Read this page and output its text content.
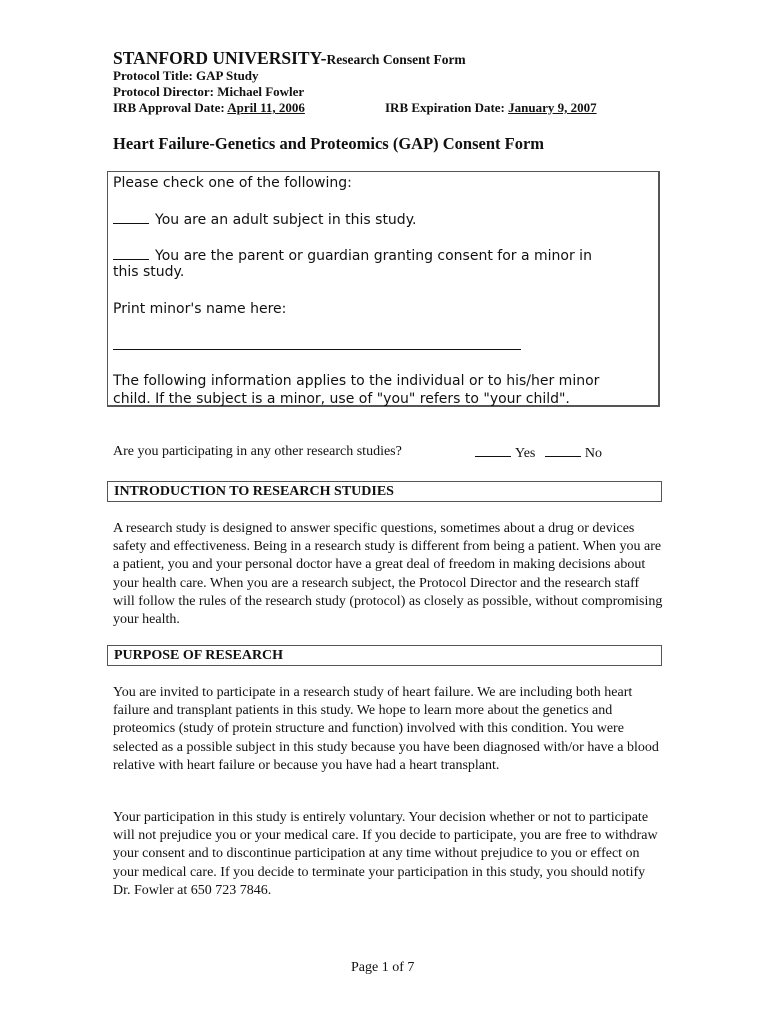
STANFORD UNIVERSITY-Research Consent Form
Protocol Title: GAP Study
Protocol Director: Michael Fowler
IRB Approval Date: April 11, 2006	IRB Expiration Date: January 9, 2007
Heart Failure-Genetics and Proteomics (GAP) Consent Form
Please check one of the following:
You are an adult subject in this study.
You are the parent or guardian granting consent for a minor in
this study.
Print minor's name here:
The following information applies to the individual or to his/her minor
child. If the subject is a minor, use of "you" refers to "your child".
Are you participating in any other research studies?	Yes	No
INTRODUCTION TO RESEARCH STUDIES
A research study is designed to answer specific questions, sometimes about a drug or devices safety and effectiveness. Being in a research study is different from being a patient. When you are a patient, you and your personal doctor have a great deal of freedom in making decisions about your health care. When you are a research subject, the Protocol Director and the research staff will follow the rules of the research study (protocol) as closely as possible, without compromising your health.
PURPOSE OF RESEARCH
You are invited to participate in a research study of heart failure. We are including both heart failure and transplant patients in this study. We hope to learn more about the genetics and proteomics (study of protein structure and function) involved with this condition. You were selected as a possible subject in this study because you have been diagnosed with/or have a blood relative with heart failure or because you have had a heart transplant.
Your participation in this study is entirely voluntary. Your decision whether or not to participate will not prejudice you or your medical care. If you decide to participate, you are free to withdraw your consent and to discontinue participation at any time without prejudice to you or effect on your medical care. If you decide to terminate your participation in this study, you should notify Dr. Fowler at 650 723 7846.
Page 1 of 7
